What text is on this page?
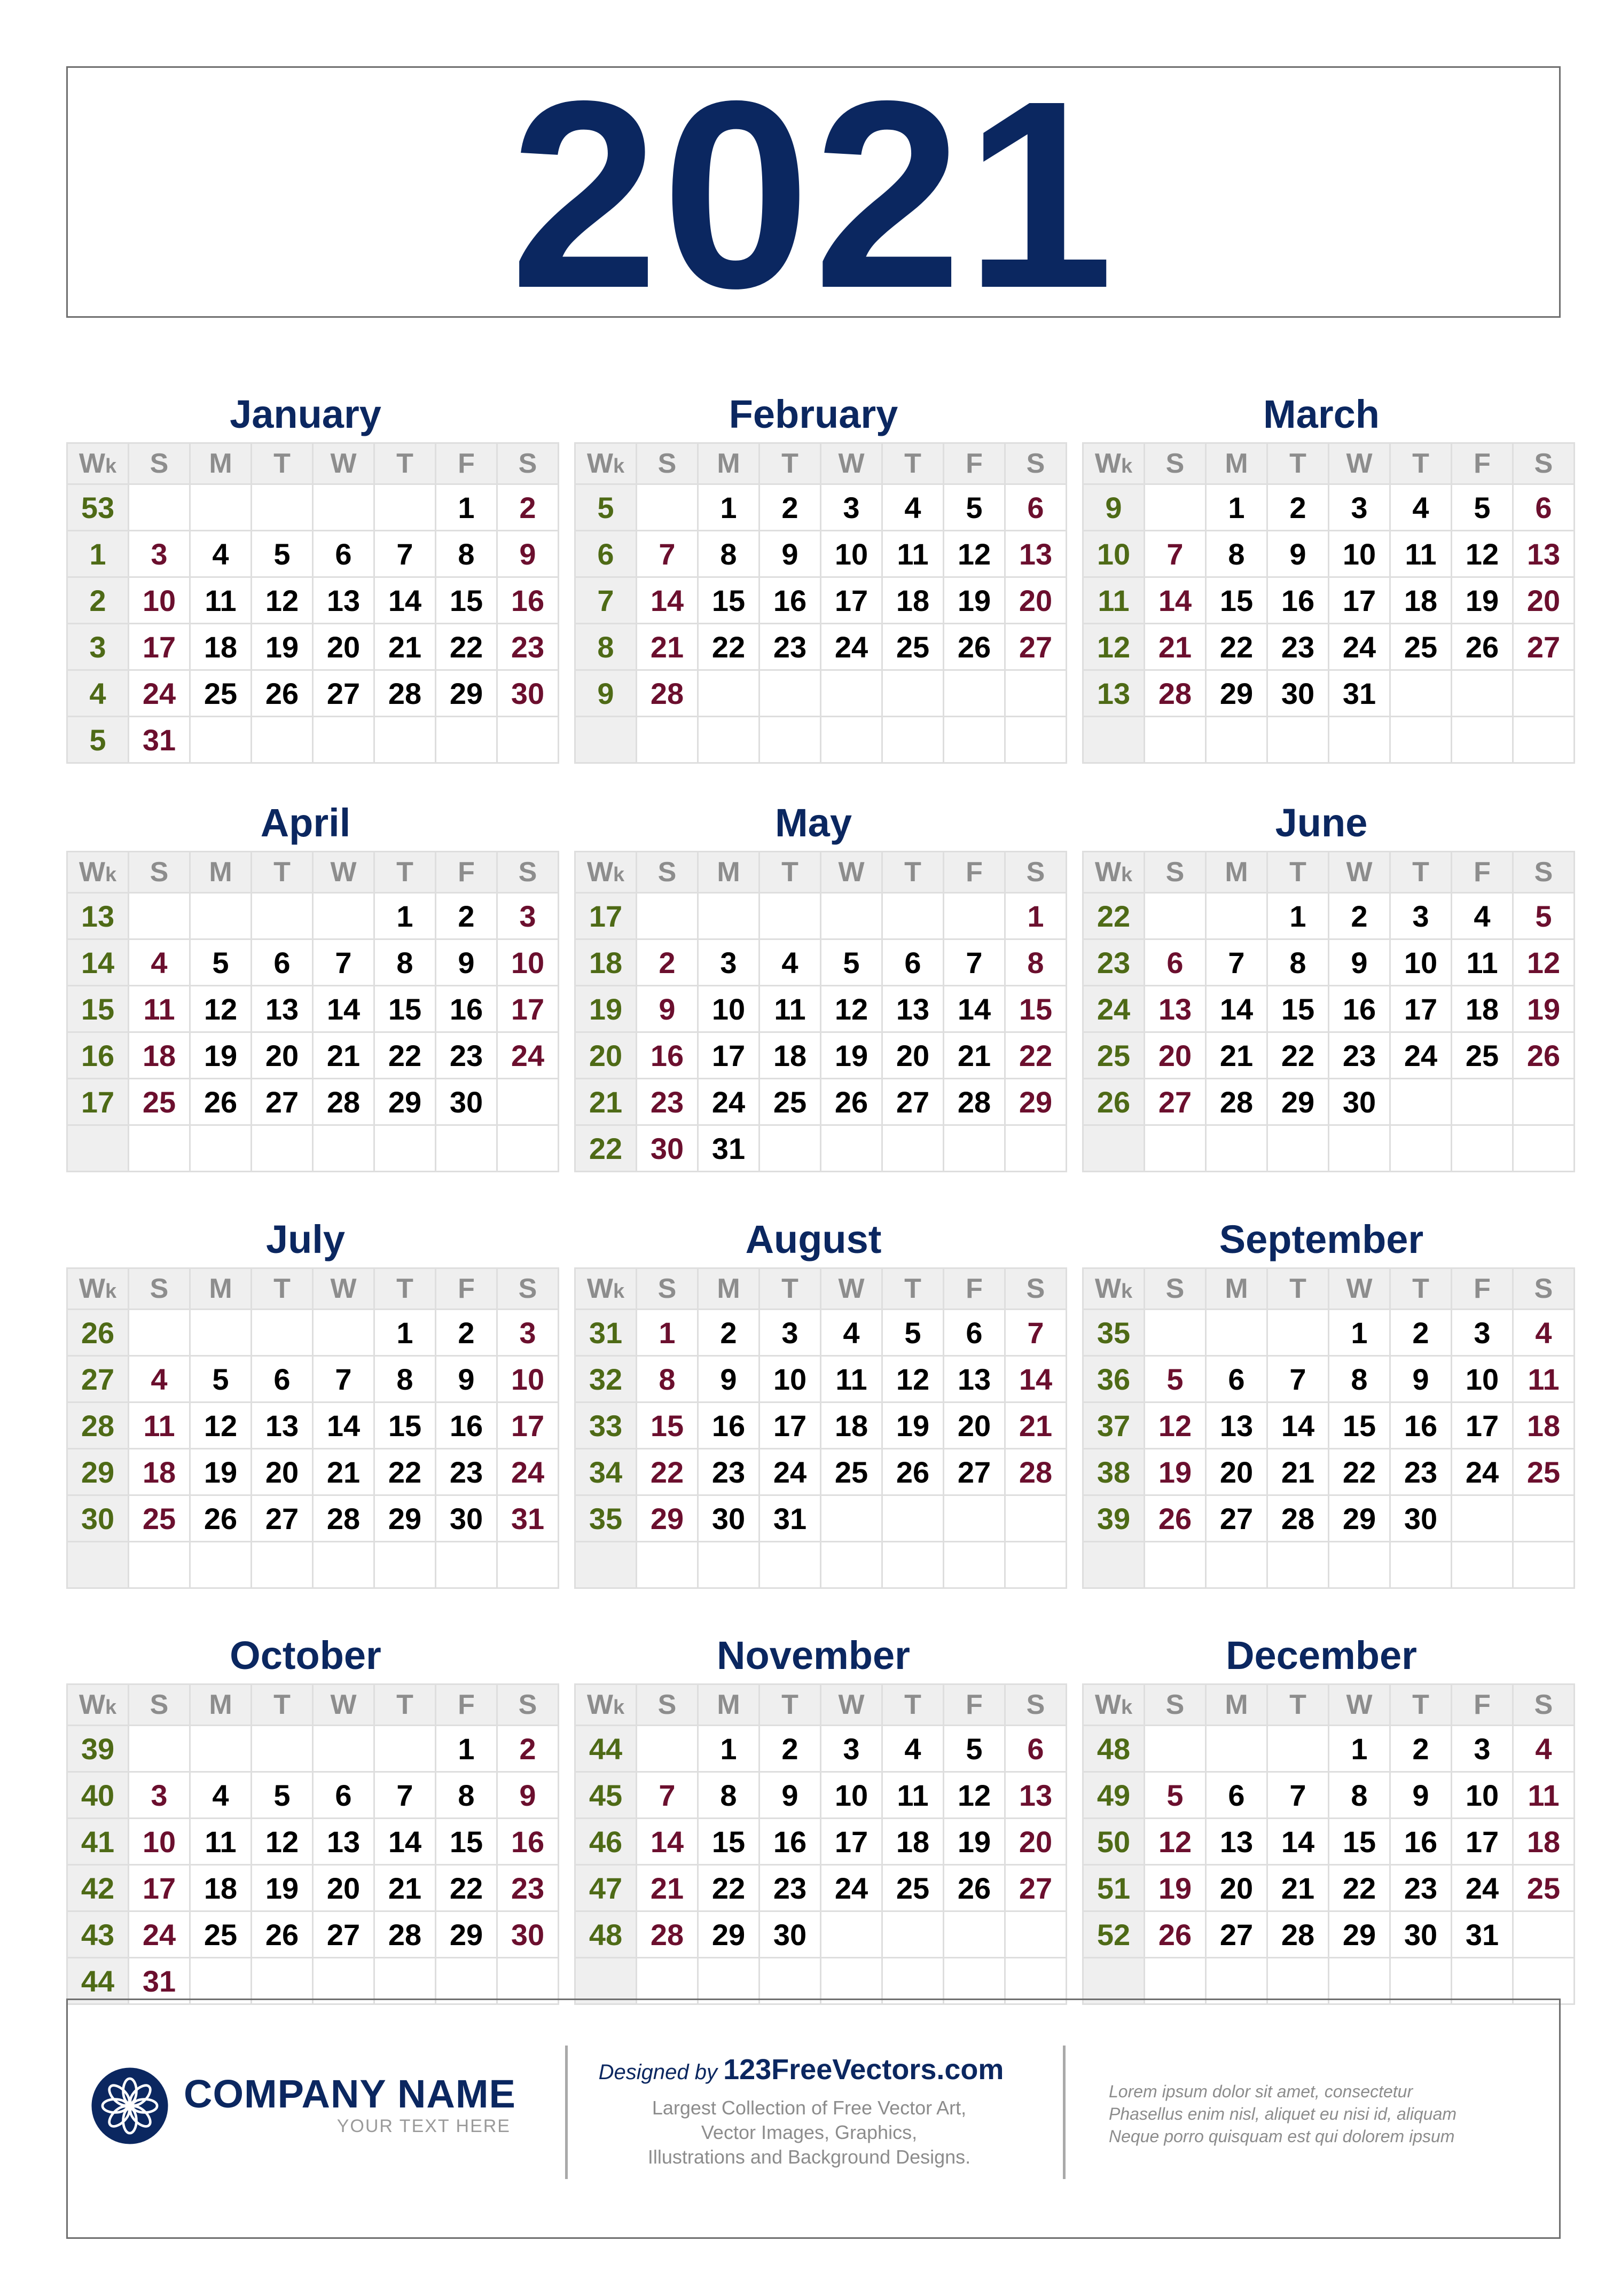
2021
January
Wk	S	M	T	W	T	F	S
53						1	2
1	3	4	5	6	7	8	9
2	10	11	12	13	14	15	16
3	17	18	19	20	21	22	23
4	24	25	26	27	28	29	30
5	31						
February
Wk	S	M	T	W	T	F	S
5		1	2	3	4	5	6
6	7	8	9	10	11	12	13
7	14	15	16	17	18	19	20
8	21	22	23	24	25	26	27
9	28						

March
Wk	S	M	T	W	T	F	S
9		1	2	3	4	5	6
10	7	8	9	10	11	12	13
11	14	15	16	17	18	19	20
12	21	22	23	24	25	26	27
13	28	29	30	31			

April
Wk	S	M	T	W	T	F	S
13					1	2	3
14	4	5	6	7	8	9	10
15	11	12	13	14	15	16	17
16	18	19	20	21	22	23	24
17	25	26	27	28	29	30	

May
Wk	S	M	T	W	T	F	S
17							1
18	2	3	4	5	6	7	8
19	9	10	11	12	13	14	15
20	16	17	18	19	20	21	22
21	23	24	25	26	27	28	29
22	30	31					
June
Wk	S	M	T	W	T	F	S
22			1	2	3	4	5
23	6	7	8	9	10	11	12
24	13	14	15	16	17	18	19
25	20	21	22	23	24	25	26
26	27	28	29	30			

July
Wk	S	M	T	W	T	F	S
26					1	2	3
27	4	5	6	7	8	9	10
28	11	12	13	14	15	16	17
29	18	19	20	21	22	23	24
30	25	26	27	28	29	30	31

August
Wk	S	M	T	W	T	F	S
31	1	2	3	4	5	6	7
32	8	9	10	11	12	13	14
33	15	16	17	18	19	20	21
34	22	23	24	25	26	27	28
35	29	30	31				

September
Wk	S	M	T	W	T	F	S
35				1	2	3	4
36	5	6	7	8	9	10	11
37	12	13	14	15	16	17	18
38	19	20	21	22	23	24	25
39	26	27	28	29	30		

October
Wk	S	M	T	W	T	F	S
39						1	2
40	3	4	5	6	7	8	9
41	10	11	12	13	14	15	16
42	17	18	19	20	21	22	23
43	24	25	26	27	28	29	30
44	31						
November
Wk	S	M	T	W	T	F	S
44		1	2	3	4	5	6
45	7	8	9	10	11	12	13
46	14	15	16	17	18	19	20
47	21	22	23	24	25	26	27
48	28	29	30				

December
Wk	S	M	T	W	T	F	S
48				1	2	3	4
49	5	6	7	8	9	10	11
50	12	13	14	15	16	17	18
51	19	20	21	22	23	24	25
52	26	27	28	29	30	31	

COMPANY NAME
YOUR TEXT HERE
Designed by 123FreeVectors.com
Largest Collection of Free Vector Art,
Vector Images, Graphics,
Illustrations and Background Designs.
Lorem ipsum dolor sit amet, consectetur
Phasellus enim nisl, aliquet eu nisi id, aliquam
Neque porro quisquam est qui dolorem ipsum
